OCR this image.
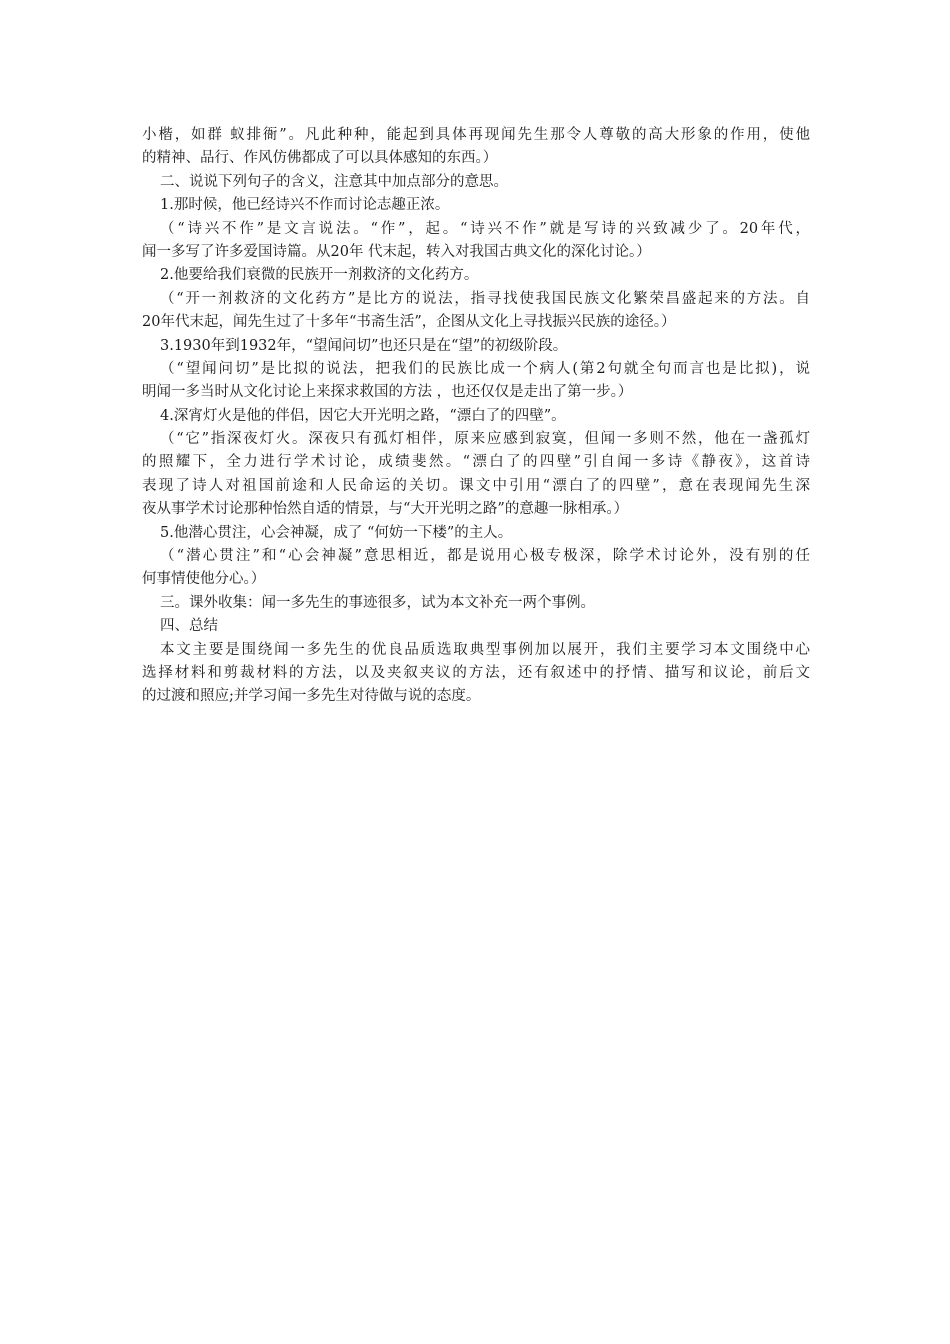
小楷，如群 蚁排衙”。凡此种种，能起到具体再现闻先生那令人尊敬的高大形象的作用，使他
的精神、品行、作风仿佛都成了可以具体感知的东西。）
二、说说下列句子的含义，注意其中加点部分的意思。
1.那时候，他已经诗兴不作而讨论志趣正浓。
（“诗兴不作”是文言说法。“作”，起。“诗兴不作”就是写诗的兴致减少了。20年代，
闻一多写了许多爱国诗篇。从20年 代末起，转入对我国古典文化的深化讨论。）
2.他要给我们衰微的民族开一剂救济的文化药方。
（“开一剂救济的文化药方”是比方的说法，指寻找使我国民族文化繁荣昌盛起来的方法。自
20年代末起，闻先生过了十多年“书斋生活”，企图从文化上寻找振兴民族的途径。）
3.1930年到1932年，“望闻问切”也还只是在“望”的初级阶段。
（“望闻问切”是比拟的说法，把我们的民族比成一个病人(第2句就全句而言也是比拟)，说
明闻一多当时从文化讨论上来探求救国的方法 ，也还仅仅是走出了第一步。）
4.深宵灯火是他的伴侣，因它大开光明之路，“漂白了的四壁”。
（“它”指深夜灯火。深夜只有孤灯相伴，原来应感到寂寞，但闻一多则不然，他在一盏孤灯
的照耀下，全力进行学术讨论，成绩斐然。“漂白了的四壁”引自闻一多诗《静夜》，这首诗
表现了诗人对祖国前途和人民命运的关切。课文中引用“漂白了的四壁”，意在表现闻先生深
夜从事学术讨论那种怡然自适的情景，与“大开光明之路”的意趣一脉相承。）
5.他潜心贯注，心会神凝，成了 “何妨一下楼”的主人。
（“潜心贯注”和“心会神凝”意思相近，都是说用心极专极深，除学术讨论外，没有别的任
何事情使他分心。）
三。课外收集：闻一多先生的事迹很多，试为本文补充一两个事例。
四、总结
本文主要是围绕闻一多先生的优良品质选取典型事例加以展开，我们主要学习本文围绕中心
选择材料和剪裁材料的方法，以及夹叙夹议的方法，还有叙述中的抒情、描写和议论，前后文
的过渡和照应;并学习闻一多先生对待做与说的态度。
